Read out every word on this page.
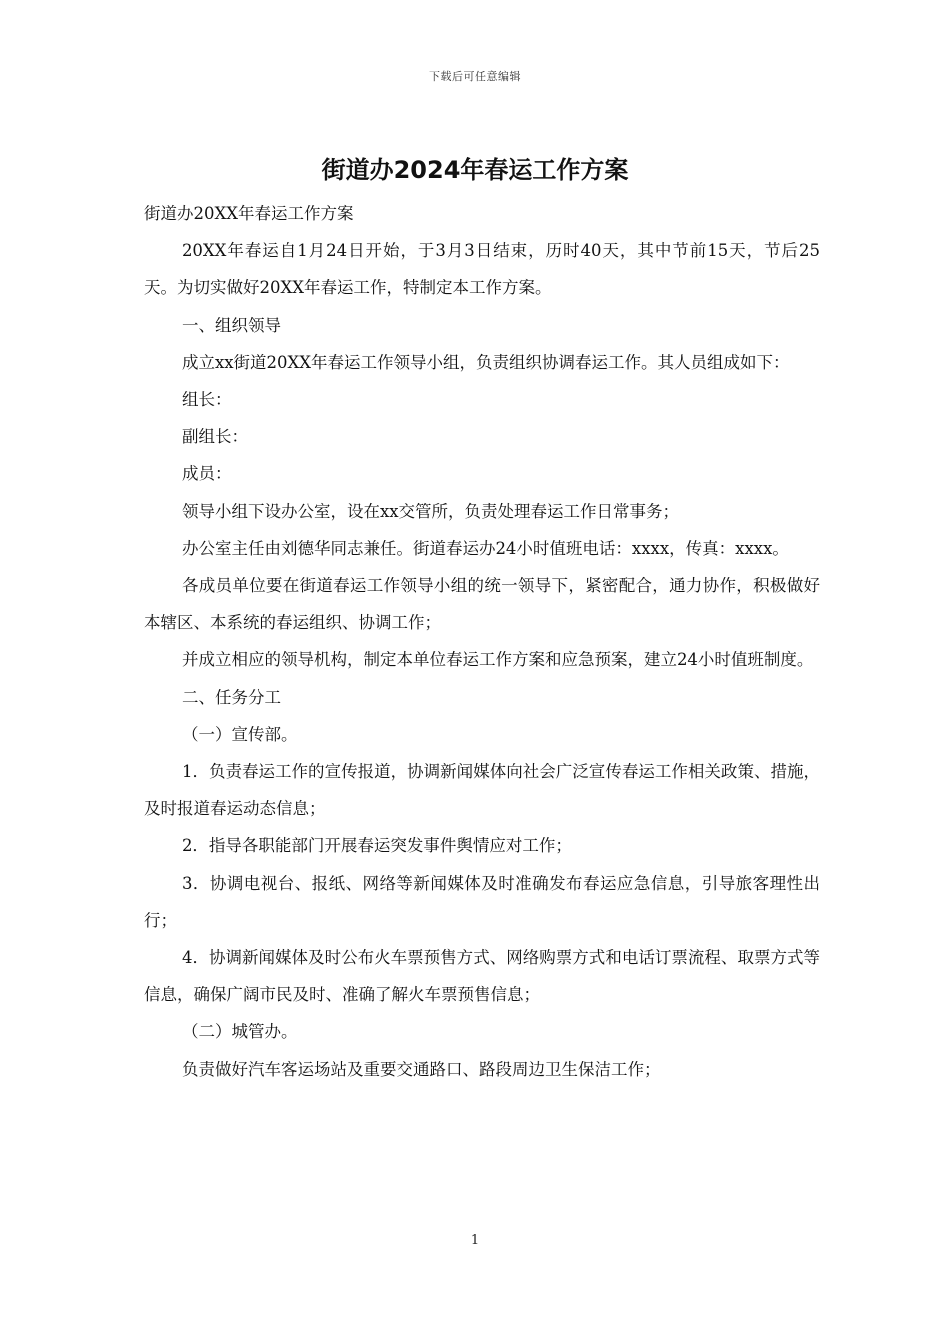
下载后可任意编辑
街道办2024年春运工作方案

街道办20XX年春运工作方案

20XX年春运自1月24日开始，于3月3日结束，历时40天，其中节前15天，节后25天。为切实做好20XX年春运工作，特制定本工作方案。

一、组织领导

成立xx街道20XX年春运工作领导小组，负责组织协调春运工作。其人员组成如下：

组长：

副组长：

成员：

领导小组下设办公室，设在xx交管所，负责处理春运工作日常事务；

办公室主任由刘德华同志兼任。街道春运办24小时值班电话：xxxx，传真：xxxx。

各成员单位要在街道春运工作领导小组的统一领导下，紧密配合，通力协作，积极做好本辖区、本系统的春运组织、协调工作；

并成立相应的领导机构，制定本单位春运工作方案和应急预案，建立24小时值班制度。

二、任务分工

（一）宣传部。

1．负责春运工作的宣传报道，协调新闻媒体向社会广泛宣传春运工作相关政策、措施，及时报道春运动态信息；

2．指导各职能部门开展春运突发事件舆情应对工作；

3．协调电视台、报纸、网络等新闻媒体及时准确发布春运应急信息，引导旅客理性出行；

4．协调新闻媒体及时公布火车票预售方式、网络购票方式和电话订票流程、取票方式等信息，确保广阔市民及时、准确了解火车票预售信息；

（二）城管办。

负责做好汽车客运场站及重要交通路口、路段周边卫生保洁工作；

1
